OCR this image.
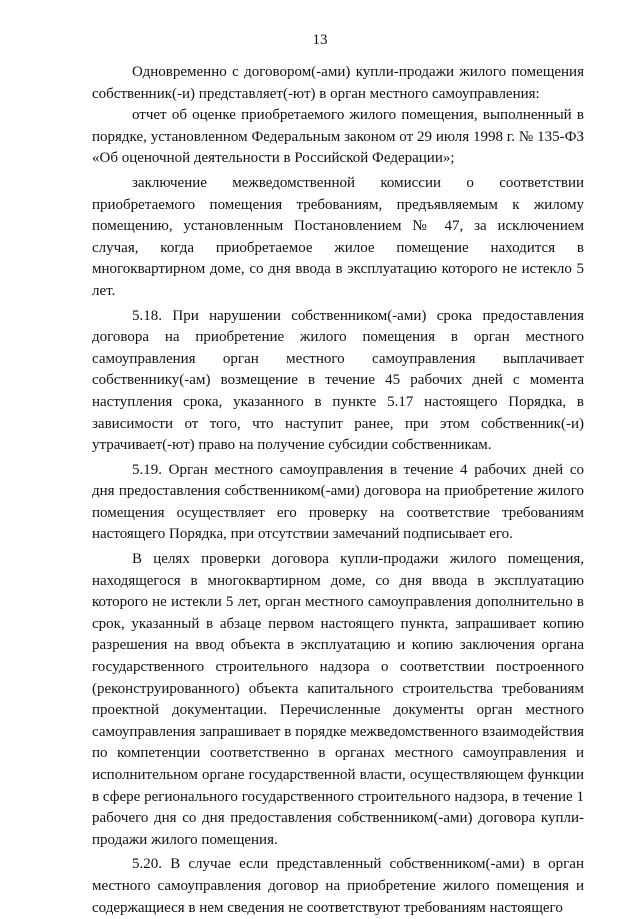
13

Одновременно с договором(-ами) купли-продажи жилого помещения собственник(-и) представляет(-ют) в орган местного самоуправления:

отчет об оценке приобретаемого жилого помещения, выполненный в порядке, установленном Федеральным законом от 29 июля 1998 г. № 135-ФЗ «Об оценочной деятельности в Российской Федерации»;

заключение межведомственной комиссии о соответствии приобретаемого помещения требованиям, предъявляемым к жилому помещению, установленным Постановлением № 47, за исключением случая, когда приобретаемое жилое помещение находится в многоквартирном доме, со дня ввода в эксплуатацию которого не истекло 5 лет.

5.18. При нарушении собственником(-ами) срока предоставления договора на приобретение жилого помещения в орган местного самоуправления орган местного самоуправления выплачивает собственнику(-ам) возмещение в течение 45 рабочих дней с момента наступления срока, указанного в пункте 5.17 настоящего Порядка, в зависимости от того, что наступит ранее, при этом собственник(-и) утрачивает(-ют) право на получение субсидии собственникам.

5.19. Орган местного самоуправления в течение 4 рабочих дней со дня предоставления собственником(-ами) договора на приобретение жилого помещения осуществляет его проверку на соответствие требованиям настоящего Порядка, при отсутствии замечаний подписывает его.

В целях проверки договора купли-продажи жилого помещения, находящегося в многоквартирном доме, со дня ввода в эксплуатацию которого не истекли 5 лет, орган местного самоуправления дополнительно в срок, указанный в абзаце первом настоящего пункта, запрашивает копию разрешения на ввод объекта в эксплуатацию и копию заключения органа государственного строительного надзора о соответствии построенного (реконструированного) объекта капитального строительства требованиям проектной документации. Перечисленные документы орган местного самоуправления запрашивает в порядке межведомственного взаимодействия по компетенции соответственно в органах местного самоуправления и исполнительном органе государственной власти, осуществляющем функции в сфере регионального государственного строительного надзора, в течение 1 рабочего дня со дня предоставления собственником(-ами) договора купли-продажи жилого помещения.

5.20. В случае если представленный собственником(-ами) в орган местного самоуправления договор на приобретение жилого помещения и содержащиеся в нем сведения не соответствуют требованиям настоящего
